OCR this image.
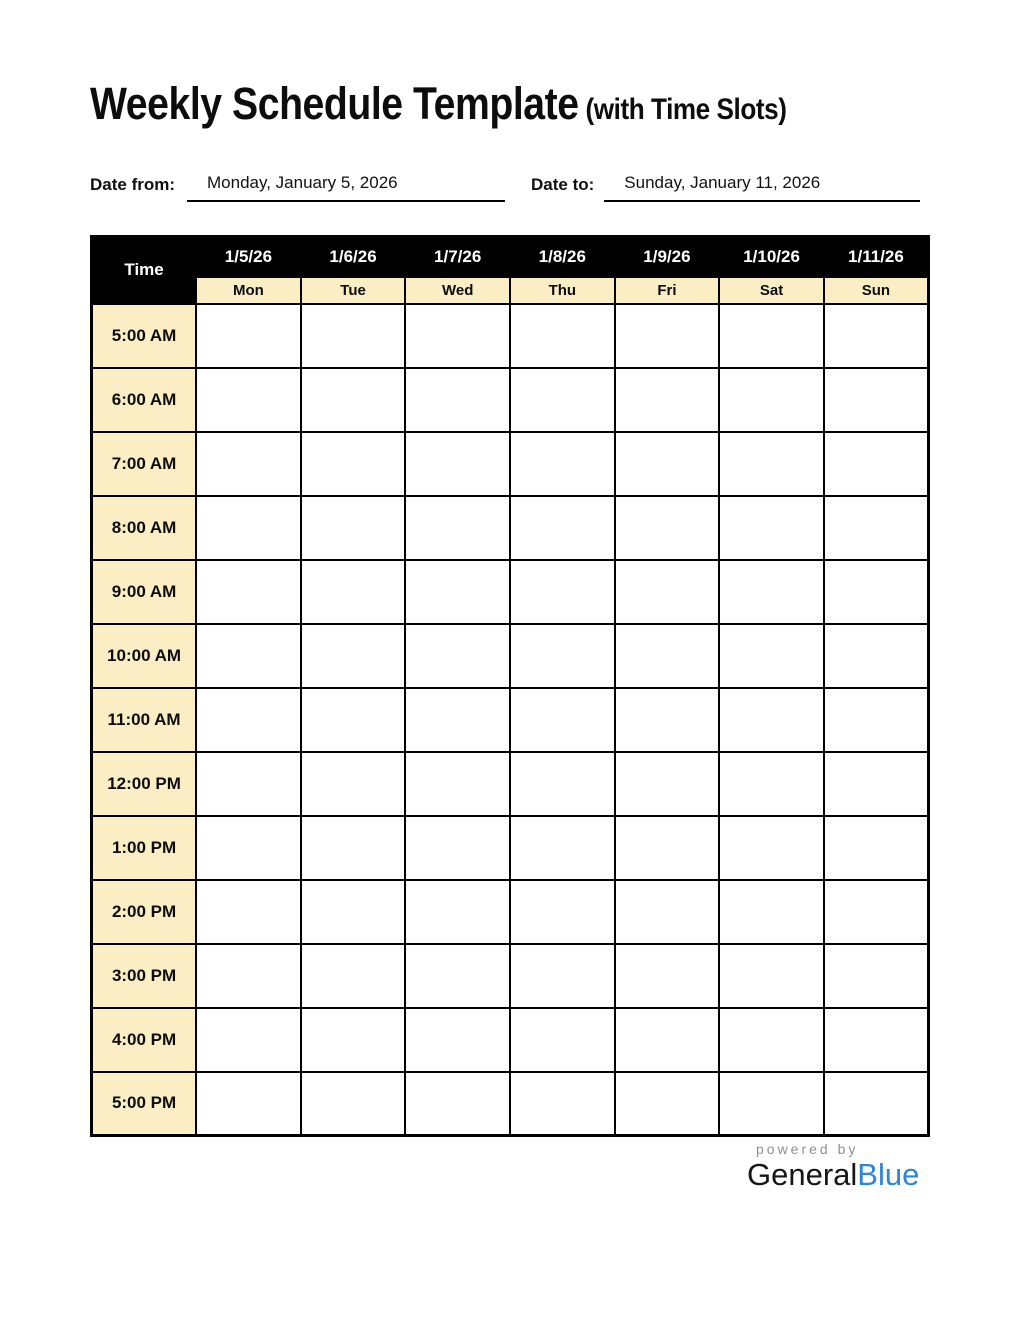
Weekly Schedule Template (with Time Slots)
Date from:	Monday, January 5, 2026	Date to:	Sunday, January 11, 2026
Time	1/5/26	1/6/26	1/7/26	1/8/26	1/9/26	1/10/26	1/11/26
	Mon	Tue	Wed	Thu	Fri	Sat	Sun
5:00 AM							
6:00 AM							
7:00 AM							
8:00 AM							
9:00 AM							
10:00 AM							
11:00 AM							
12:00 PM							
1:00 PM							
2:00 PM							
3:00 PM							
4:00 PM							
5:00 PM							
powered by
GeneralBlue
